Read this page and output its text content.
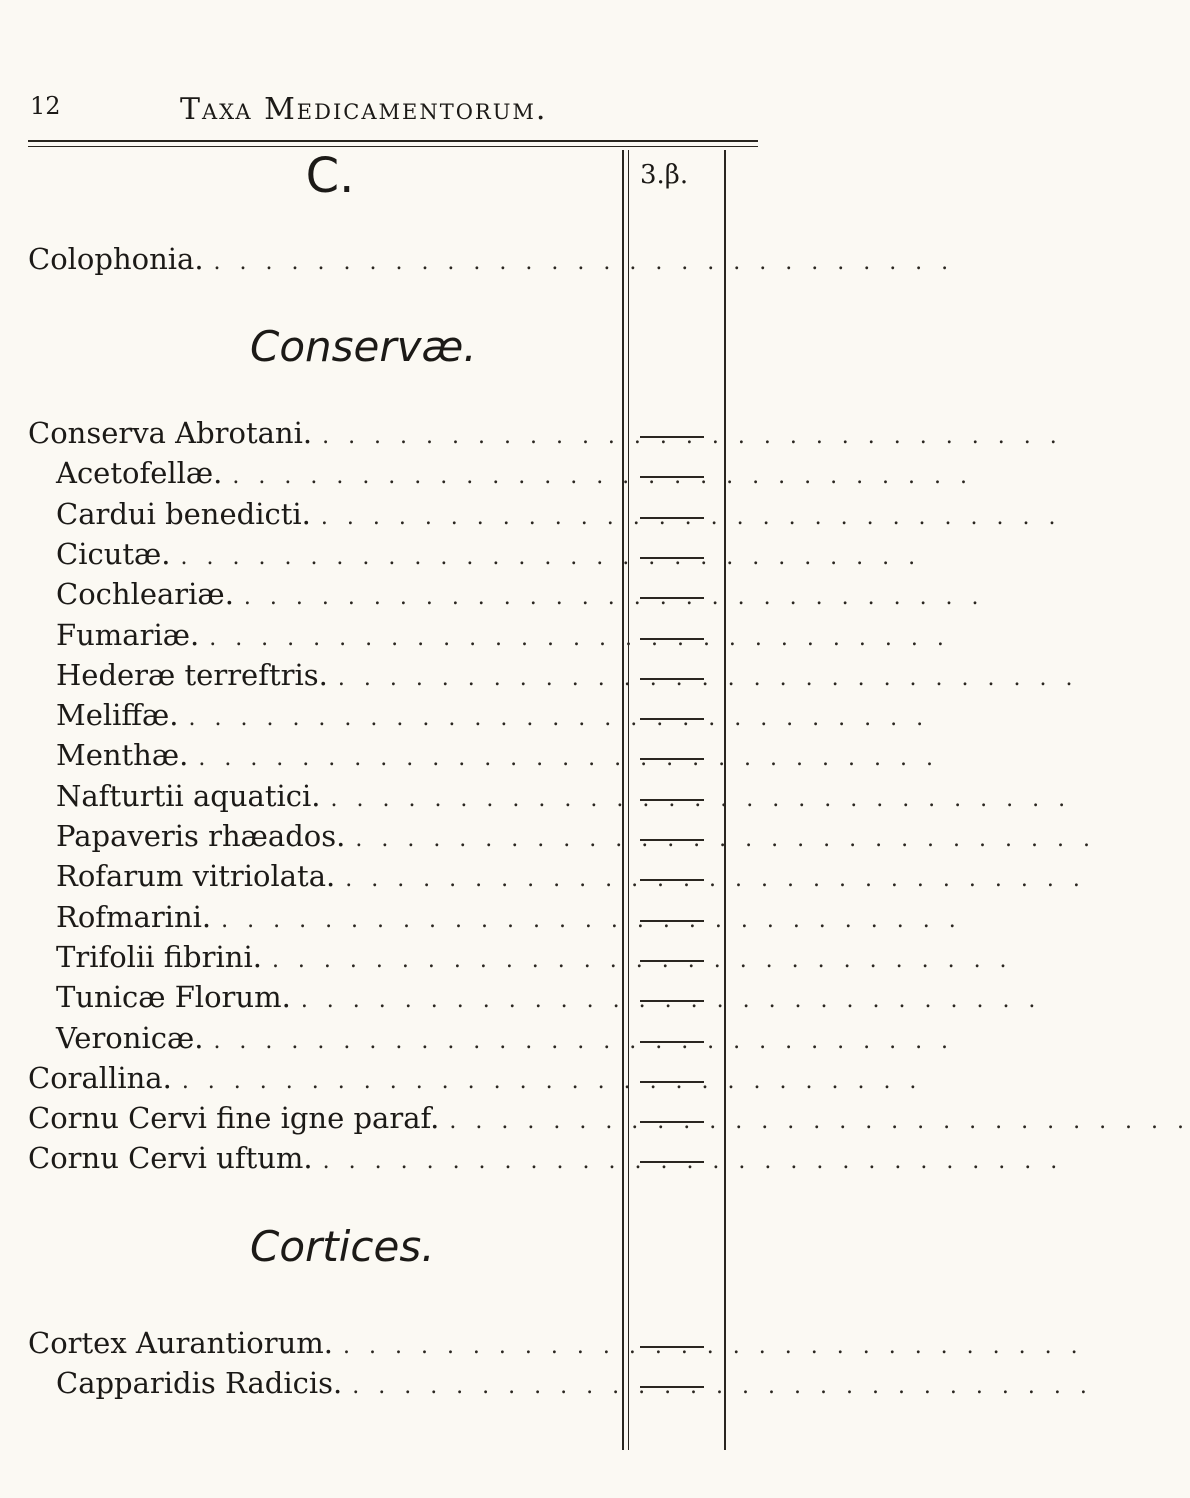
12	Taxa Medicamentorum.
C.	3.β.
Colophonia. . . . . . . . . . . . . . . . . . . . . . . . . . . . . .
Conservæ.
Conserva Abrotani. . . . . . . . . . . . . . . . . . . . . . . . . . . . . .
Acetofellæ. . . . . . . . . . . . . . . . . . . . . . . . . . . . . .
Cardui benedicti. . . . . . . . . . . . . . . . . . . . . . . . . . . . . .
Cicutæ. . . . . . . . . . . . . . . . . . . . . . . . . . . . . .
Cochleariæ. . . . . . . . . . . . . . . . . . . . . . . . . . . . . .
Fumariæ. . . . . . . . . . . . . . . . . . . . . . . . . . . . . .
Hederæ terreftris. . . . . . . . . . . . . . . . . . . . . . . . . . . . . .
Meliffæ. . . . . . . . . . . . . . . . . . . . . . . . . . . . . .
Menthæ. . . . . . . . . . . . . . . . . . . . . . . . . . . . . .
Nafturtii aquatici. . . . . . . . . . . . . . . . . . . . . . . . . . . . . .
Papaveris rhæados. . . . . . . . . . . . . . . . . . . . . . . . . . . . . .
Rofarum vitriolata. . . . . . . . . . . . . . . . . . . . . . . . . . . . . .
Rofmarini. . . . . . . . . . . . . . . . . . . . . . . . . . . . . .
Trifolii fibrini. . . . . . . . . . . . . . . . . . . . . . . . . . . . . .
Tunicæ Florum. . . . . . . . . . . . . . . . . . . . . . . . . . . . . .
Veronicæ. . . . . . . . . . . . . . . . . . . . . . . . . . . . . .
Corallina. . . . . . . . . . . . . . . . . . . . . . . . . . . . . .
Cornu Cervi fine igne paraf. . . . . . . . . . . . . . . . . . . . . . . . . . . . . .
Cornu Cervi uftum. . . . . . . . . . . . . . . . . . . . . . . . . . . . . .
Cortices.
Cortex Aurantiorum. . . . . . . . . . . . . . . . . . . . . . . . . . . . . .
Capparidis Radicis. . . . . . . . . . . . . . . . . . . . . . . . . . . . . .
